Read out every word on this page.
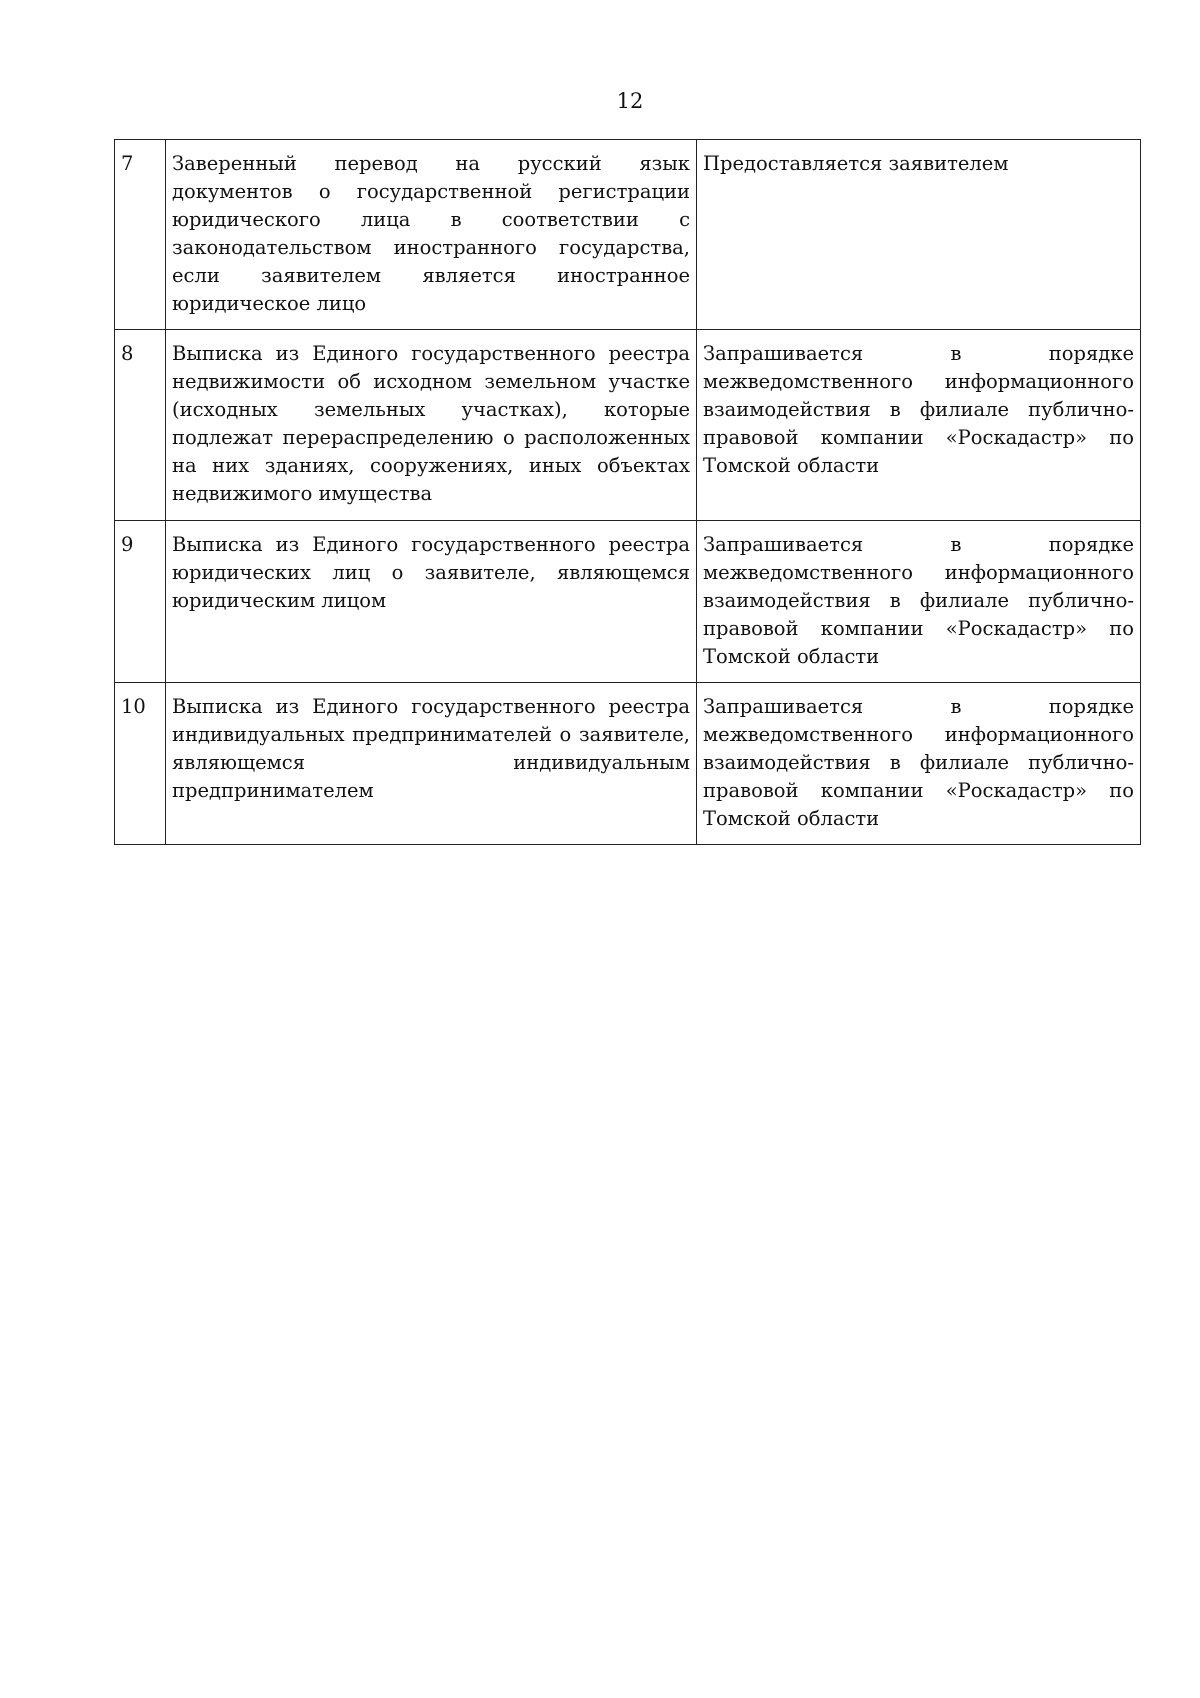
12
7	Заверенный перевод на русский язык документов о государственной регистрации юридического лица в соответствии с законодательством иностранного государства, если заявителем является иностранное юридическое лицо	Предоставляется заявителем
8	Выписка из Единого государственного реестра недвижимости об исходном земельном участке (исходных земельных участках), которые подлежат перераспределению о расположенных на них зданиях, сооружениях, иных объектах недвижимого имущества	Запрашивается в порядке межведомственного информационного взаимодействия в филиале публично-правовой компании «Роскадастр» по Томской области
9	Выписка из Единого государственного реестра юридических лиц о заявителе, являющемся юридическим лицом	Запрашивается в порядке межведомственного информационного взаимодействия в филиале публично-правовой компании «Роскадастр» по Томской области
10	Выписка из Единого государственного реестра индивидуальных предпринимателей о заявителе, являющемся индивидуальным предпринимателем	Запрашивается в порядке межведомственного информационного взаимодействия в филиале публично-правовой компании «Роскадастр» по Томской области
